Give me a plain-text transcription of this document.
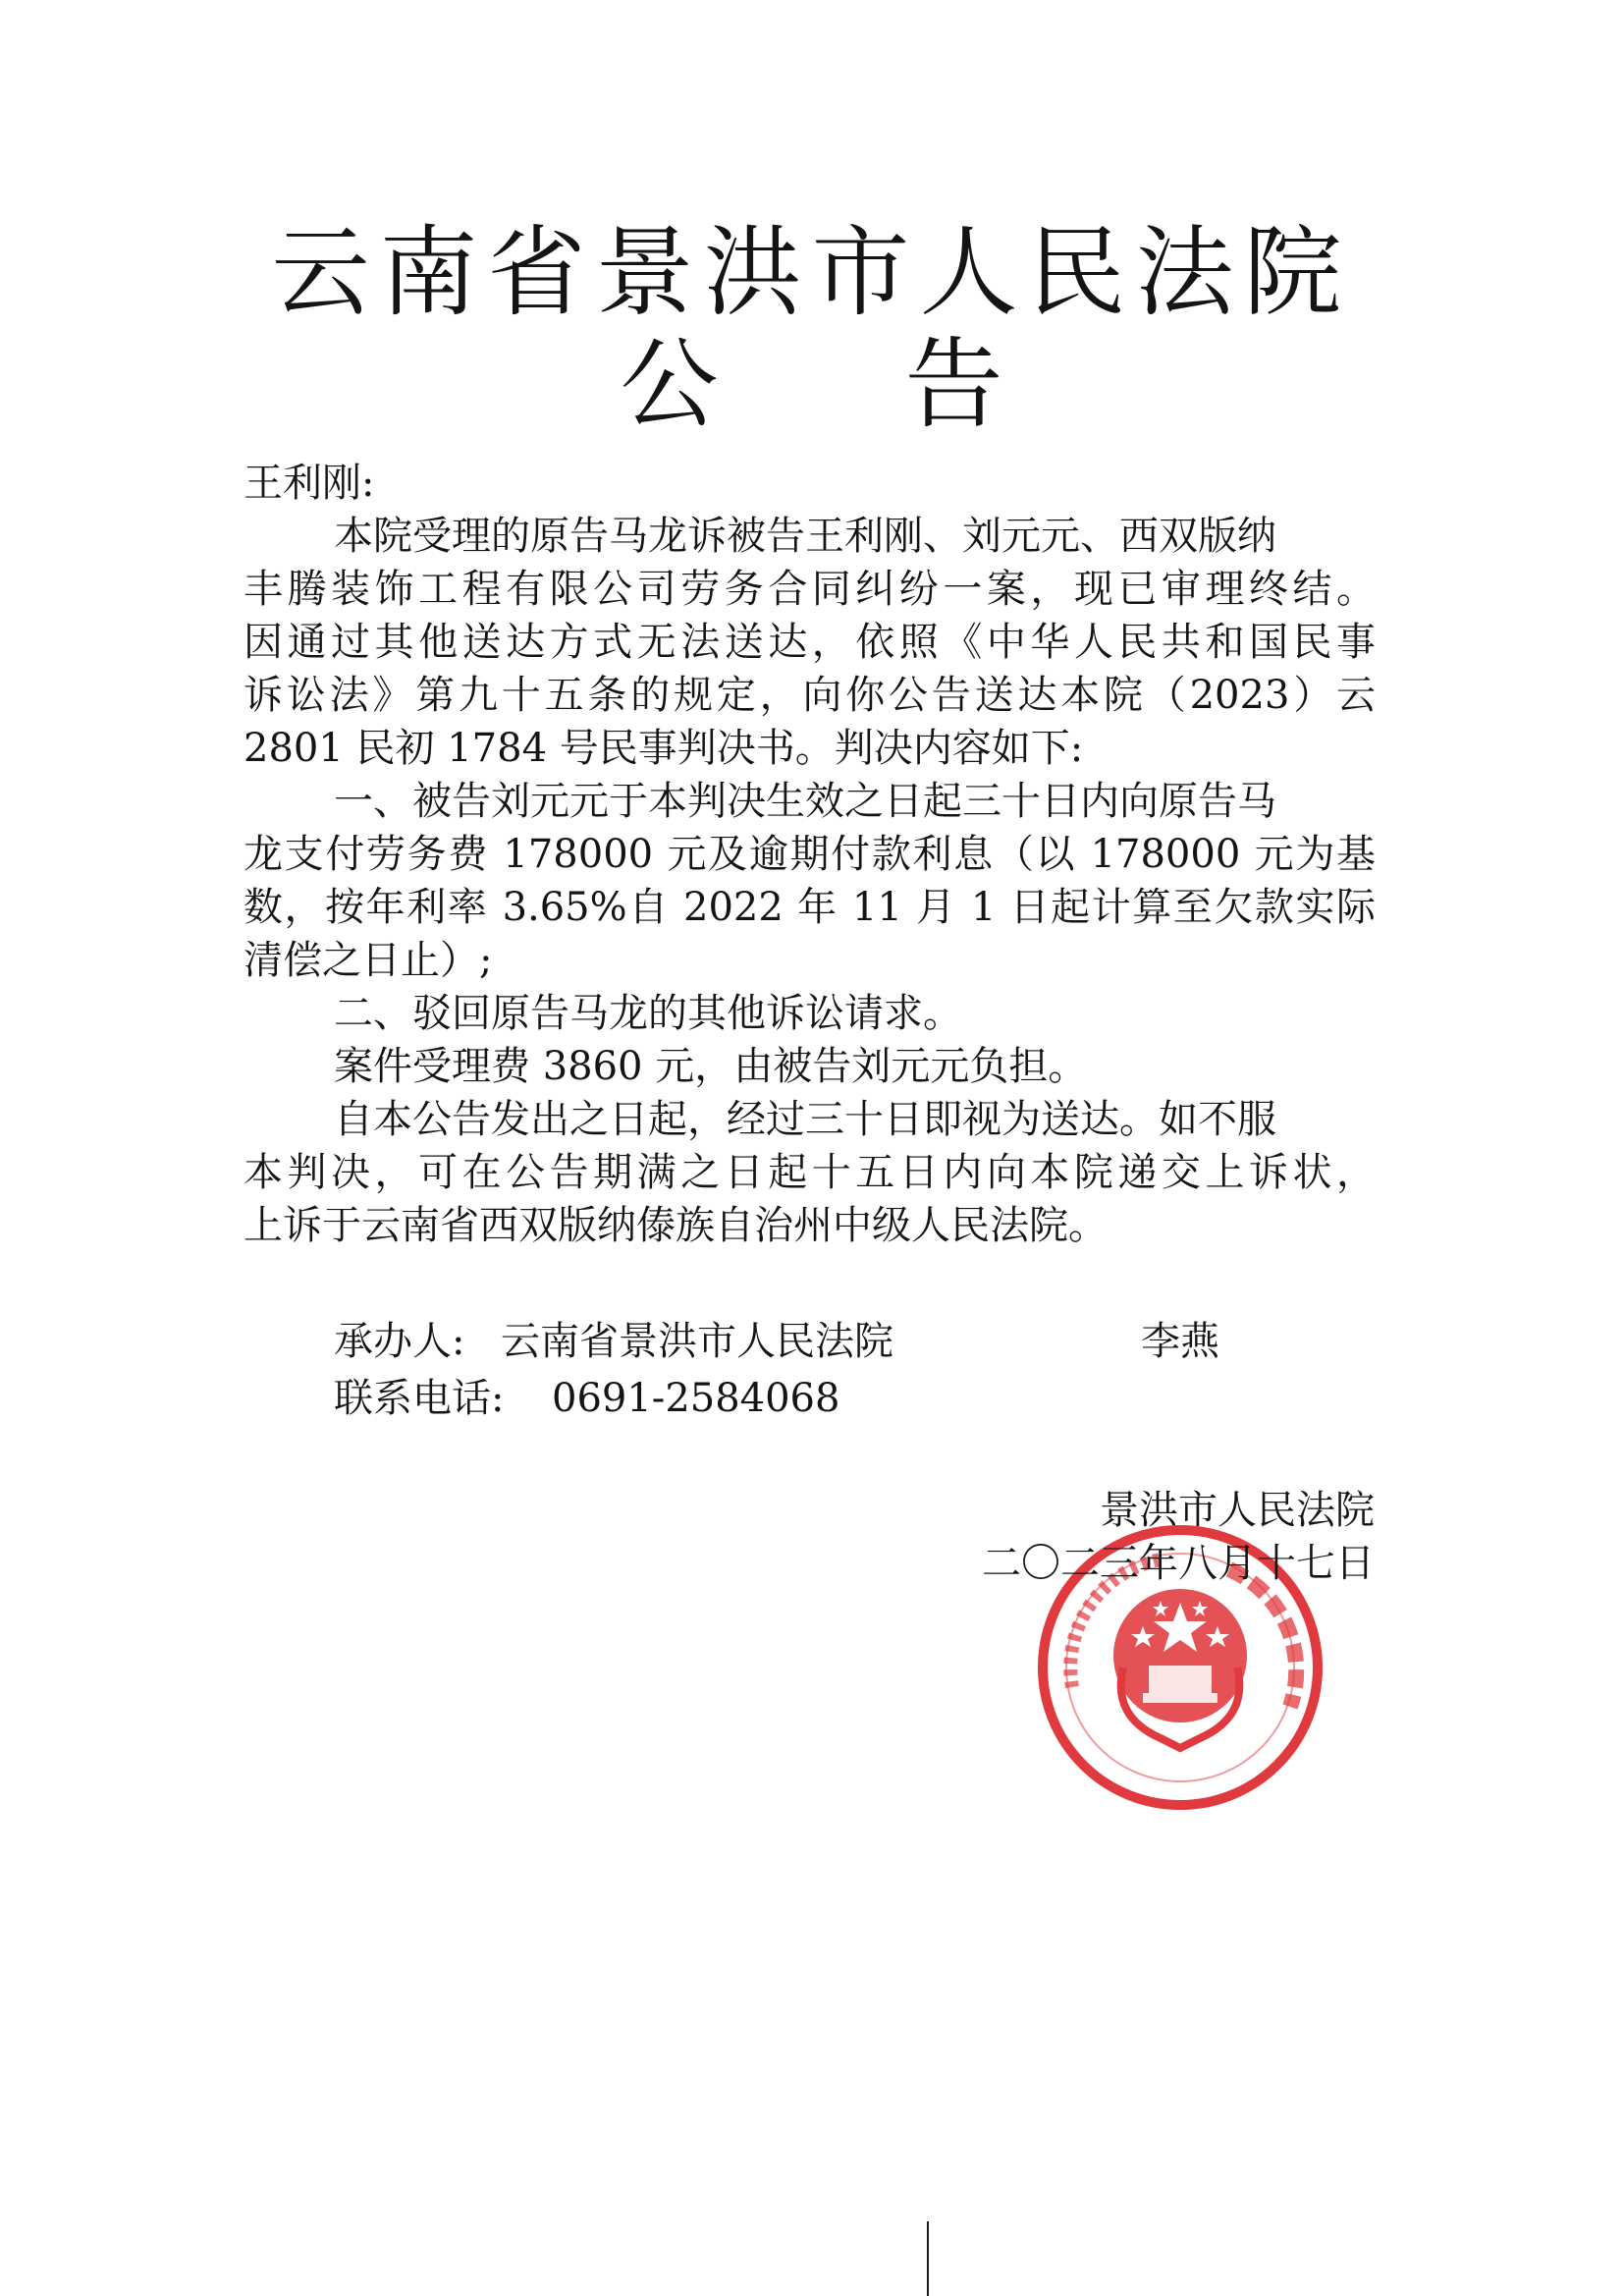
云南省景洪市人民法院
公告
王利刚:
本院受理的原告马龙诉被告王利刚、刘元元、西双版纳
丰腾装饰工程有限公司劳务合同纠纷一案，现已审理终结。
因通过其他送达方式无法送达，依照《中华人民共和国民事
诉讼法》第九十五条的规定，向你公告送达本院（2023）云
2801 民初 1784 号民事判决书。判决内容如下:
一、被告刘元元于本判决生效之日起三十日内向原告马
龙支付劳务费 178000 元及逾期付款利息（以 178000 元为基
数，按年利率 3.65%自 2022 年 11 月 1 日起计算至欠款实际
清偿之日止）;
二、驳回原告马龙的其他诉讼请求。
案件受理费 3860 元，由被告刘元元负担。
自本公告发出之日起，经过三十日即视为送达。如不服
本判决，可在公告期满之日起十五日内向本院递交上诉状，
上诉于云南省西双版纳傣族自治州中级人民法院。
承办人: 云南省景洪市人民法院	李燕
联系电话: 0691-2584068
景洪市人民法院
二〇二三年八月十七日
